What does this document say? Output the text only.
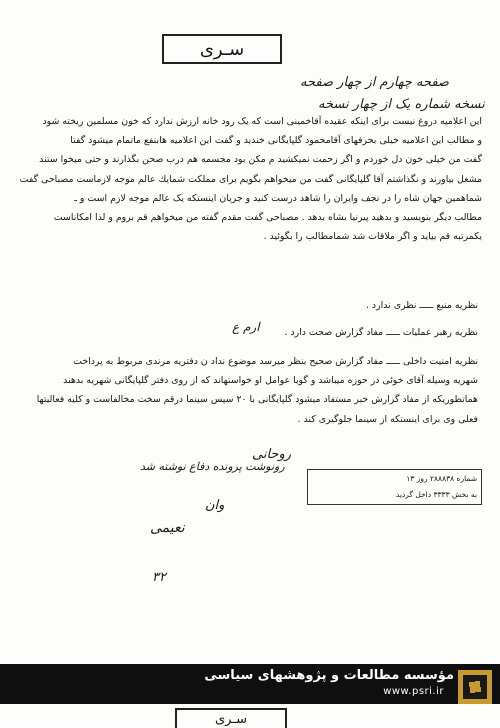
سـری
صفحه چهارم از چهار صفحه
نسخه شماره یک از چهار نسخه
این اعلامیه دروغ نیست برای اینکه عقیده آقاخمینی است که یک رود خانه ارزش ندارد که خون مسلمین ریخته شود
و مطالب این اعلامیه خیلی بحرفهای آقامحمود گلپایگانی خندید و گفت این اعلامیه هابنفع ماتمام میشود گفتا
گفت من خیلی خون دل خوردم و اگر زحمت نمیکشید م مکن بود مجسمه هم درب صحن بگذارند و حتی میخوا ستند
مشغل بیاورند و نگذاشتم آقا گلپایگانی گفت من میخواهم بگویم برای مملکت شمایك عالم موجه لازماست مصباحی گفت
شماهمین جهان شاه را در نجف وایران را شاهد درست کنید و جریان اینستکه یک عالم موجه لازم است و ـ
مطالب دیگر بنویسید و بدهید پیرنیا بشاه بدهد . مصباحی گفت مقدم گفته من میخواهم قم بروم و لذا امکاناست
یکمرتبه قم بیاید و اگر ملاقات شد شمامطالب را بگوئید .
نظریه منبع ـــــ نظری ندارد .
نظریه رهبر عملیات ـــــ مفاد گزارش صحت دارد .
ارم ع
نظریه امنیت داخلی ـــــ مفاد گزارش صحیح بنظر میرسد موضوع نداد ن دفتریه مرندی مربوط به پرداخت
شهریه وسیله آقای خوئی در حوزه میباشد و گویا عوامل او خواستهاند که از روی دفتر گلپایگانی شهریه بدهند
هماتطوریکه از مفاد گزارش خبر مستفاد میشود گلپایگانی با ۲۰ سپس سینما درقم سخت مخالفاست و کلیه فعالیتها
فعلی وی برای اینستکه از سینما جلوگیری کند .
روحانی
رونوشت پرونده دفاع نوشته شد
شماره ۲۸۸۸۳۸ روز ۱۳
به بخش ۳۳۳۳ داخل گردید
وان
نعیمی
۳۲
مؤسسه مطالعات و پژوهشهای سیاسی
www.psri.ir
سـری
